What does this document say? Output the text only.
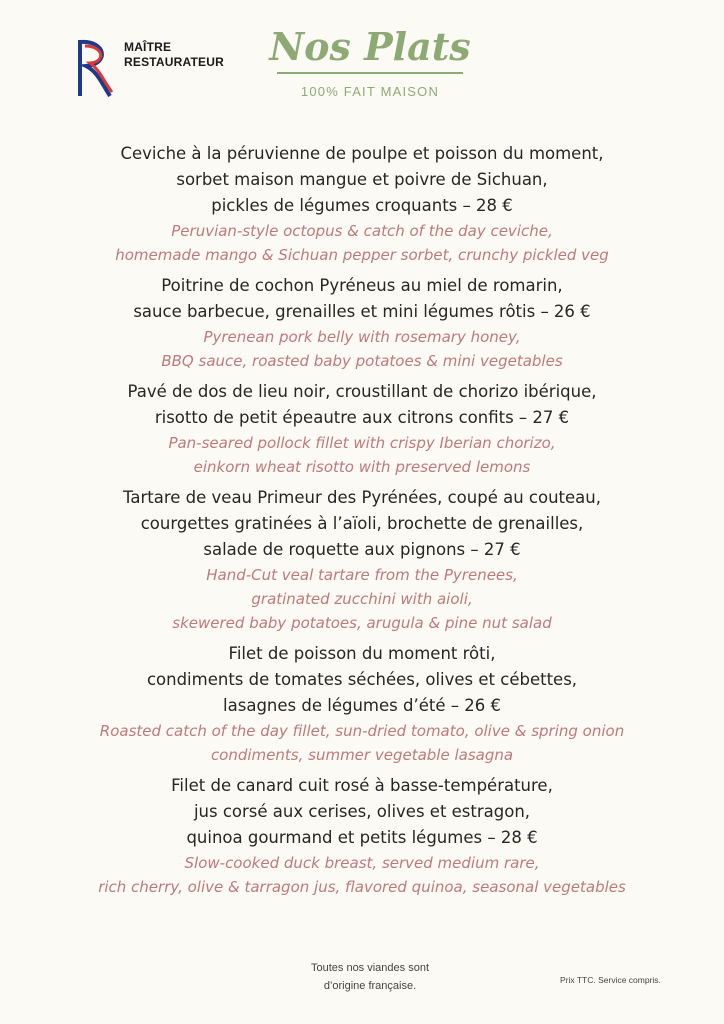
MAÎTRE
RESTAURATEUR Nos Plats
100% FAIT MAISON

Ceviche à la péruvienne de poulpe et poisson du moment,

sorbet maison mangue et poivre de Sichuan,

pickles de légumes croquants – 28 €

Peruvian-style octopus & catch of the day ceviche,

homemade mango & Sichuan pepper sorbet, crunchy pickled veg

Poitrine de cochon Pyréneus au miel de romarin,

sauce barbecue, grenailles et mini légumes rôtis – 26 €

Pyrenean pork belly with rosemary honey,

BBQ sauce, roasted baby potatoes & mini vegetables

Pavé de dos de lieu noir, croustillant de chorizo ibérique,

risotto de petit épeautre aux citrons confits – 27 €

Pan-seared pollock fillet with crispy Iberian chorizo,

einkorn wheat risotto with preserved lemons

Tartare de veau Primeur des Pyrénées, coupé au couteau,

courgettes gratinées à l’aïoli, brochette de grenailles,

salade de roquette aux pignons – 27 €

Hand-Cut veal tartare from the Pyrenees,

gratinated zucchini with aioli,

skewered baby potatoes, arugula & pine nut salad

Filet de poisson du moment rôti,

condiments de tomates séchées, olives et cébettes,

lasagnes de légumes d’été – 26 €

Roasted catch of the day fillet, sun-dried tomato, olive & spring onion

condiments, summer vegetable lasagna

Filet de canard cuit rosé à basse-température,

jus corsé aux cerises, olives et estragon,

quinoa gourmand et petits légumes – 28 €

Slow-cooked duck breast, served medium rare,

rich cherry, olive & tarragon jus, flavored quinoa, seasonal vegetables

Toutes nos viandes sont
d’origine française.	Prix TTC. Service compris.
